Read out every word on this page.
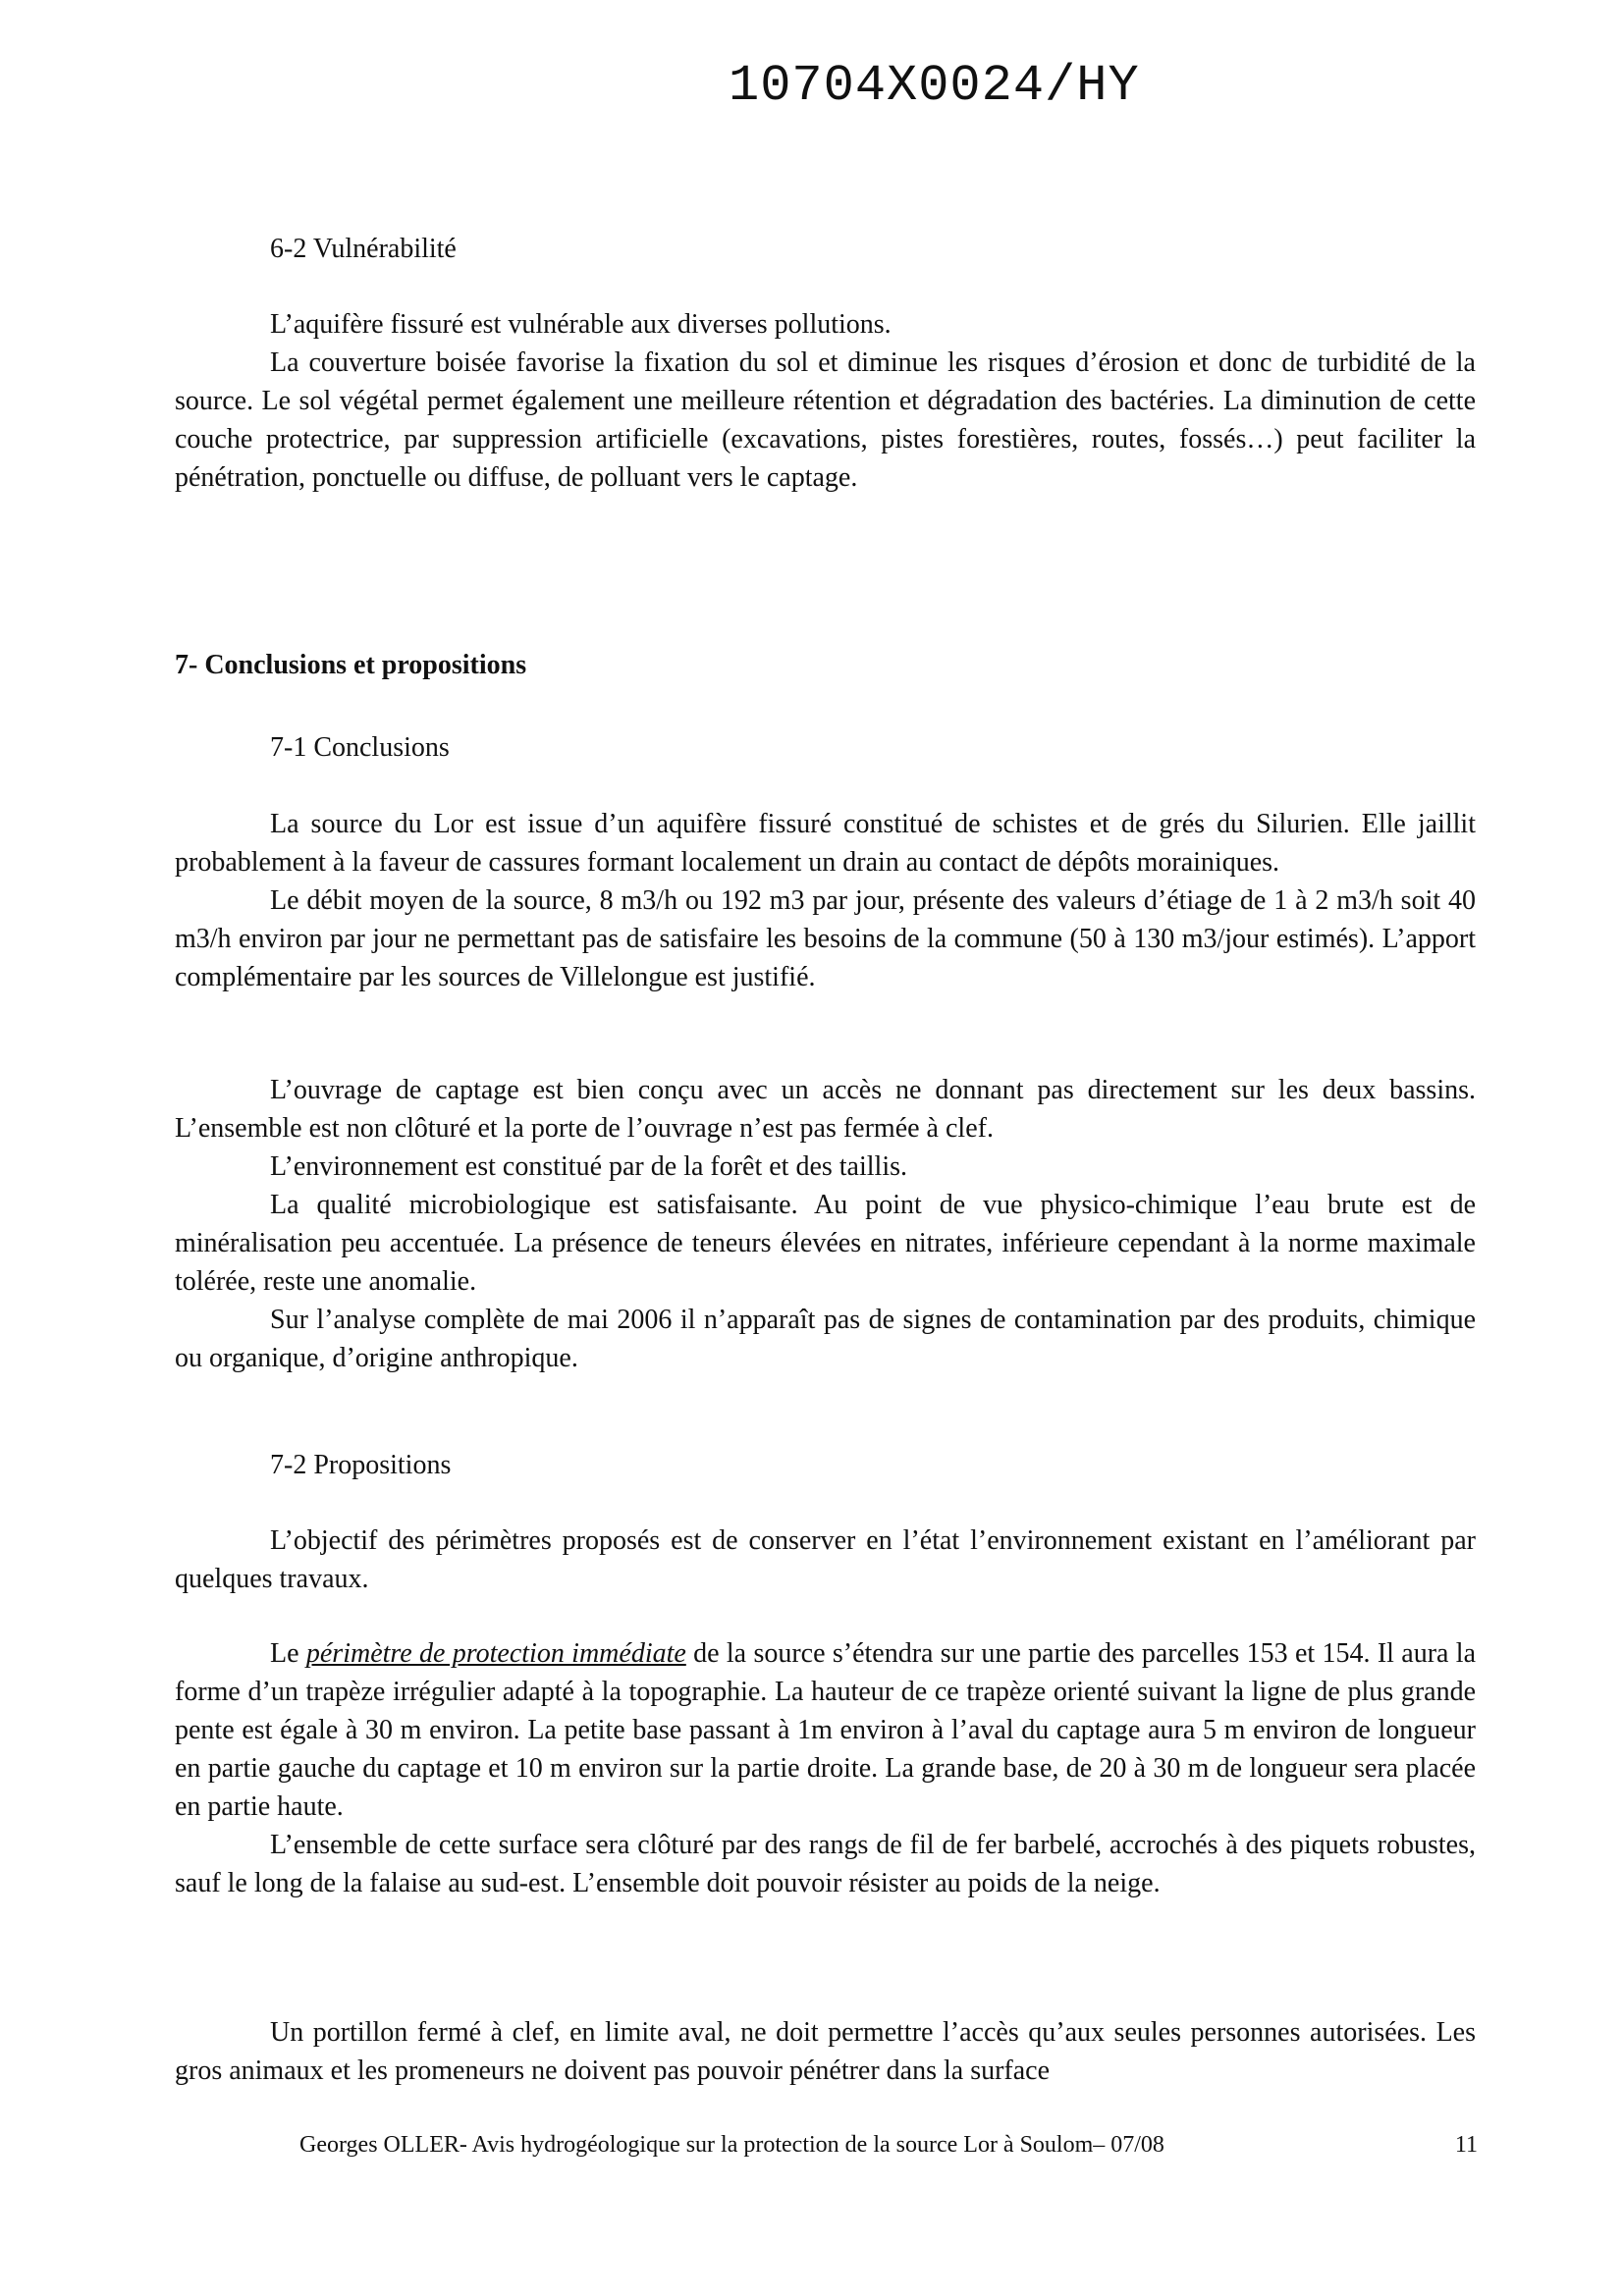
10704X0024/HY
6-2 Vulnérabilité

L’aquifère fissuré est vulnérable aux diverses pollutions.

La couverture boisée favorise la fixation du sol et diminue les risques d’érosion et donc de turbidité de la source. Le sol végétal permet également une meilleure rétention et dégradation des bactéries. La diminution de cette couche protectrice, par suppression artificielle (excavations, pistes forestières, routes, fossés…) peut faciliter la pénétration, ponctuelle ou diffuse, de polluant vers le captage.

7- Conclusions et propositions
7-1 Conclusions

La source du Lor est issue d’un aquifère fissuré constitué de schistes et de grés du Silurien. Elle jaillit probablement à la faveur de cassures formant localement un drain au contact de dépôts morainiques.

Le débit moyen de la source, 8 m3/h ou 192 m3 par jour, présente des valeurs d’étiage de 1 à 2 m3/h soit 40 m3/h environ par jour ne permettant pas de satisfaire les besoins de la commune (50 à 130 m3/jour estimés). L’apport complémentaire par les sources de Villelongue est justifié.

L’ouvrage de captage est bien conçu avec un accès ne donnant pas directement sur les deux bassins. L’ensemble est non clôturé et la porte de l’ouvrage n’est pas fermée à clef.

L’environnement est constitué par de la forêt et des taillis.

La qualité microbiologique est satisfaisante. Au point de vue physico-chimique l’eau brute est de minéralisation peu accentuée. La présence de teneurs élevées en nitrates, inférieure cependant à la norme maximale tolérée, reste une anomalie.

Sur l’analyse complète de mai 2006 il n’apparaît pas de signes de contamination par des produits, chimique ou organique, d’origine anthropique.

7-2 Propositions

L’objectif des périmètres proposés est de conserver en l’état l’environnement existant en l’améliorant par quelques travaux.

Le périmètre de protection immédiate de la source s’étendra sur une partie des parcelles 153 et 154. Il aura la forme d’un trapèze irrégulier adapté à la topographie. La hauteur de ce trapèze orienté suivant la ligne de plus grande pente est égale à 30 m environ. La petite base passant à 1m environ à l’aval du captage aura 5 m environ de longueur en partie gauche du captage et 10 m environ sur la partie droite. La grande base, de 20 à 30 m de longueur sera placée en partie haute.

L’ensemble de cette surface sera clôturé par des rangs de fil de fer barbelé, accrochés à des piquets robustes, sauf le long de la falaise au sud-est. L’ensemble doit pouvoir résister au poids de la neige.

Un portillon fermé à clef, en limite aval, ne doit permettre l’accès qu’aux seules personnes autorisées. Les gros animaux et les promeneurs ne doivent pas pouvoir pénétrer dans la surface

Georges OLLER- Avis hydrogéologique sur la protection de la source Lor à Soulom– 07/08	11
